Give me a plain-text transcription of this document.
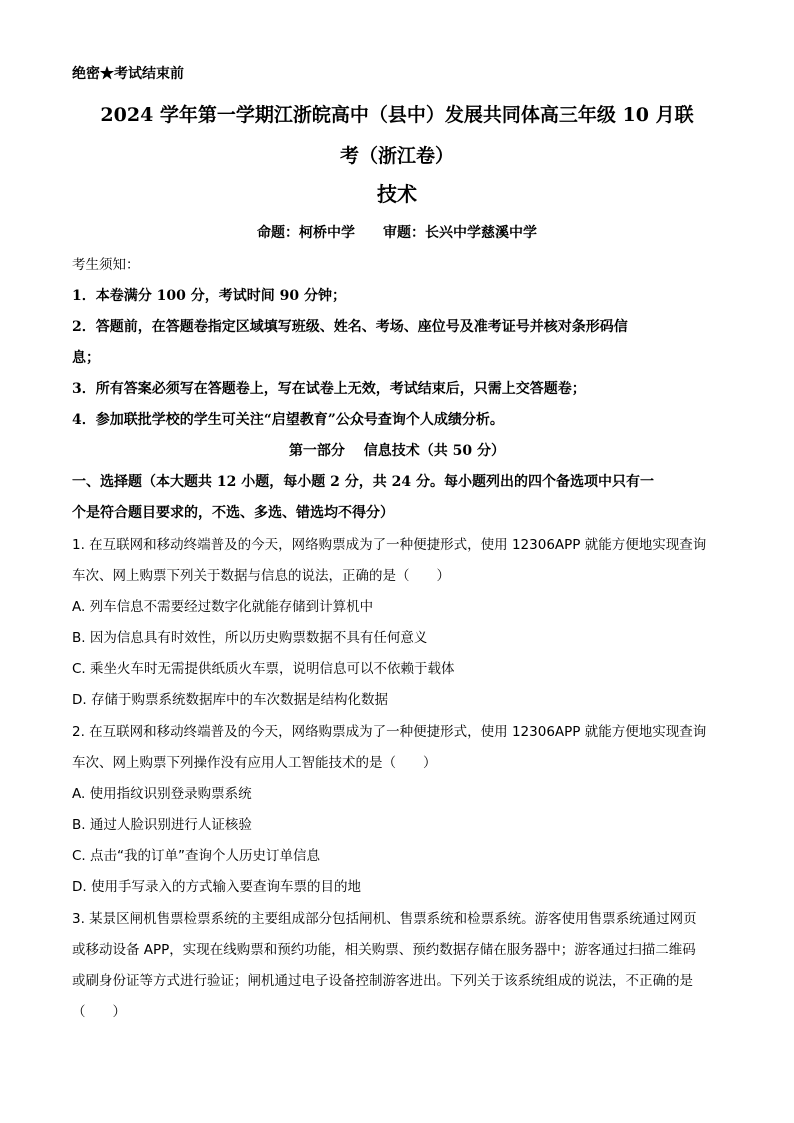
绝密★考试结束前
2024 学年第一学期江浙皖高中（县中）发展共同体高三年级 10 月联
考（浙江卷）
技术
命题：柯桥中学　　审题：长兴中学慈溪中学
考生须知：
1．本卷满分 100 分，考试时间 90 分钟；
2．答题前，在答题卷指定区域填写班级、姓名、考场、座位号及准考证号并核对条形码信
息；
3．所有答案必须写在答题卷上，写在试卷上无效，考试结束后，只需上交答题卷；
4．参加联批学校的学生可关注“启望教育”公众号查询个人成绩分析。
第一部分　 信息技术（共 50 分）
一、选择题（本大题共 12 小题，每小题 2 分，共 24 分。每小题列出的四个备选项中只有一
个是符合题目要求的，不选、多选、错选均不得分）
1. 在互联网和移动终端普及的今天，网络购票成为了一种便捷形式，使用 12306APP 就能方便地实现查询
车次、网上购票下列关于数据与信息的说法，正确的是（　　）
A. 列车信息不需要经过数字化就能存储到计算机中
B. 因为信息具有时效性，所以历史购票数据不具有任何意义
C. 乘坐火车时无需提供纸质火车票，说明信息可以不依赖于载体
D. 存储于购票系统数据库中的车次数据是结构化数据
2. 在互联网和移动终端普及的今天，网络购票成为了一种便捷形式，使用 12306APP 就能方便地实现查询
车次、网上购票下列操作没有应用人工智能技术的是（　　）
A. 使用指纹识别登录购票系统
B. 通过人脸识别进行人证核验
C. 点击“我的订单”查询个人历史订单信息
D. 使用手写录入的方式输入要查询车票的目的地
3. 某景区闸机售票检票系统的主要组成部分包括闸机、售票系统和检票系统。游客使用售票系统通过网页
或移动设备 APP，实现在线购票和预约功能，相关购票、预约数据存储在服务器中；游客通过扫描二维码
或刷身份证等方式进行验证；闸机通过电子设备控制游客进出。下列关于该系统组成的说法，不正确的是
（　　）
